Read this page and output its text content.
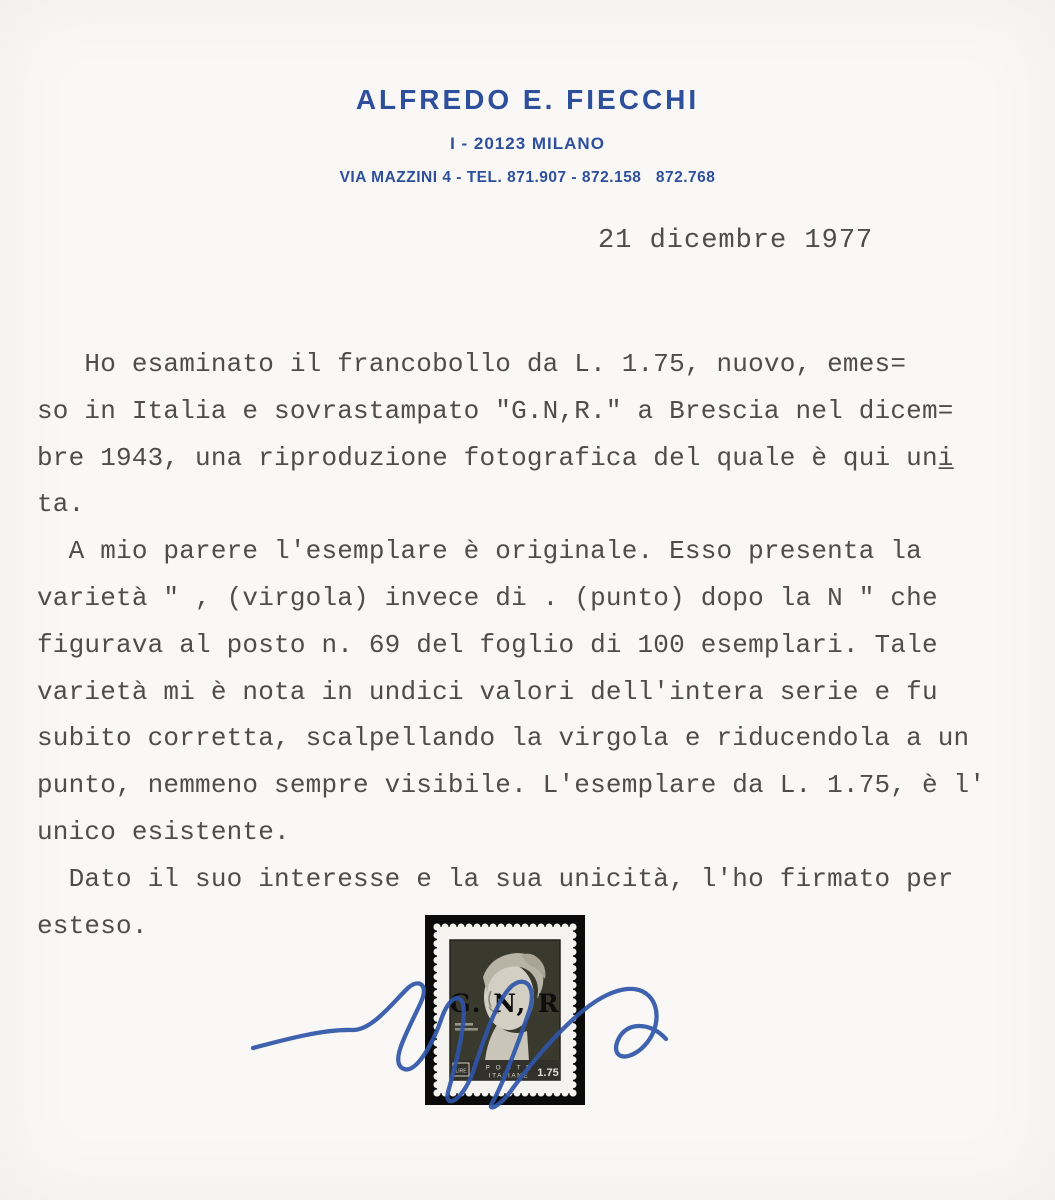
ALFREDO E. FIECCHI
I - 20123 MILANO
VIA MAZZINI 4 - TEL. 871.907 - 872.158   872.768
21 dicembre 1977
Ho esaminato il francobollo da L. 1.75, nuovo, emes=
so in Italia e sovrastampato "G.N,R." a Brescia nel dicem=
bre 1943, una riproduzione fotografica del quale è qui uni̲
ta.
A mio parere l'esemplare è originale. Esso presenta la
varietà " , (virgola) invece di . (punto) dopo la N " che
figurava al posto n. 69 del foglio di 100 esemplari. Tale
varietà mi è nota in undici valori dell'intera serie e fu
subito corretta, scalpellando la virgola e riducendola a un
punto, nemmeno sempre visibile. L'esemplare da L. 1.75, è l'
unico esistente.
Dato il suo interesse e la sua unicità, l'ho firmato per
esteso.
G. N, R
LIRE	P O S T E
ITALIANE 1.75
